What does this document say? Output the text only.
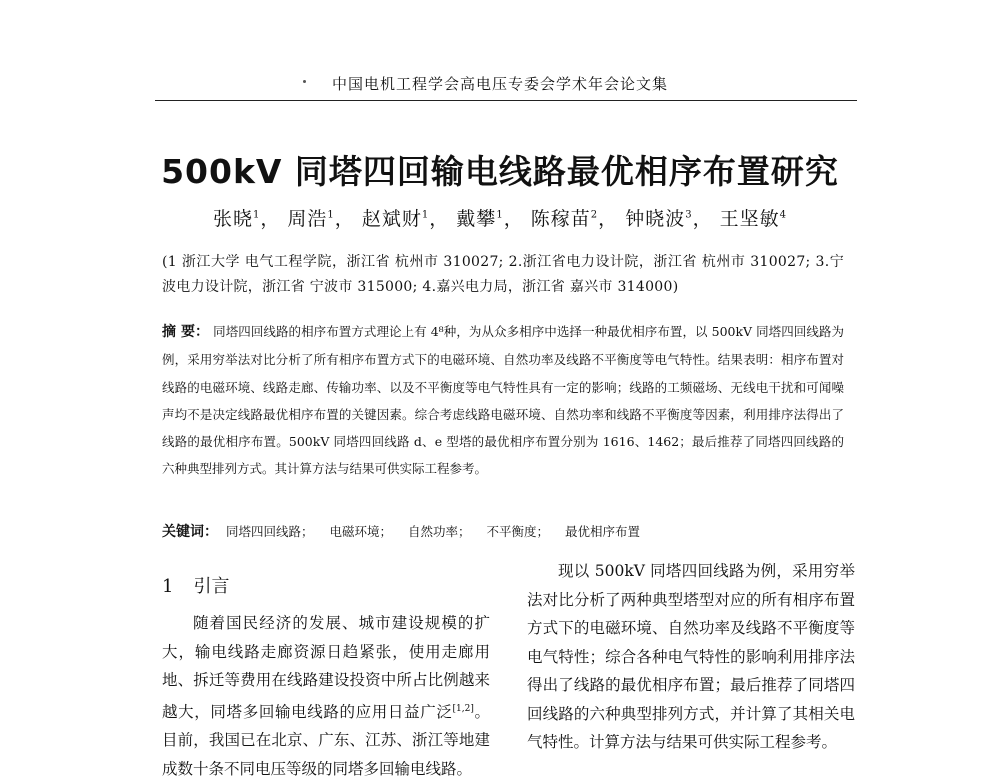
中国电机工程学会高电压专委会学术年会论文集
500kV 同塔四回输电线路最优相序布置研究
张晓$^1$， 周浩$^1$， 赵斌财$^1$， 戴攀$^1$， 陈稼苗$^2$， 钟晓波$^3$， 王坚敏$^4$
(1 浙江大学 电气工程学院，浙江省 杭州市 310027; 2.浙江省电力设计院，浙江省 杭州市 310027; 3.宁波电力设计院，浙江省 宁波市 315000; 4.嘉兴电力局，浙江省 嘉兴市 314000)
摘 要： 同塔四回线路的相序布置方式理论上有 4⁸种，为从众多相序中选择一种最优相序布置，以 500kV 同塔四回线路为例，采用穷举法对比分析了所有相序布置方式下的电磁环境、自然功率及线路不平衡度等电气特性。结果表明：相序布置对线路的电磁环境、线路走廊、传输功率、以及不平衡度等电气特性具有一定的影响；线路的工频磁场、无线电干扰和可闻噪声均不是决定线路最优相序布置的关键因素。综合考虑线路电磁环境、自然功率和线路不平衡度等因素，利用排序法得出了线路的最优相序布置。500kV 同塔四回线路 d、e 型塔的最优相序布置分别为 1616、1462；最后推荐了同塔四回线路的六种典型排列方式。其计算方法与结果可供实际工程参考。
关键词： 同塔四回线路； 电磁环境； 自然功率； 不平衡度； 最优相序布置
1 引言
随着国民经济的发展、城市建设规模的扩大，输电线路走廊资源日趋紧张，使用走廊用地、拆迁等费用在线路建设投资中所占比例越来越大，同塔多回输电线路的应用日益广泛[1,2]。目前，我国已在北京、广东、江苏、浙江等地建成数十条不同电压等级的同塔多回输电线路。
现以 500kV 同塔四回线路为例，采用穷举法对比分析了两种典型塔型对应的所有相序布置方式下的电磁环境、自然功率及线路不平衡度等电气特性；综合各种电气特性的影响利用排序法得出了线路的最优相序布置；最后推荐了同塔四回线路的六种典型排列方式，并计算了其相关电气特性。计算方法与结果可供实际工程参考。
